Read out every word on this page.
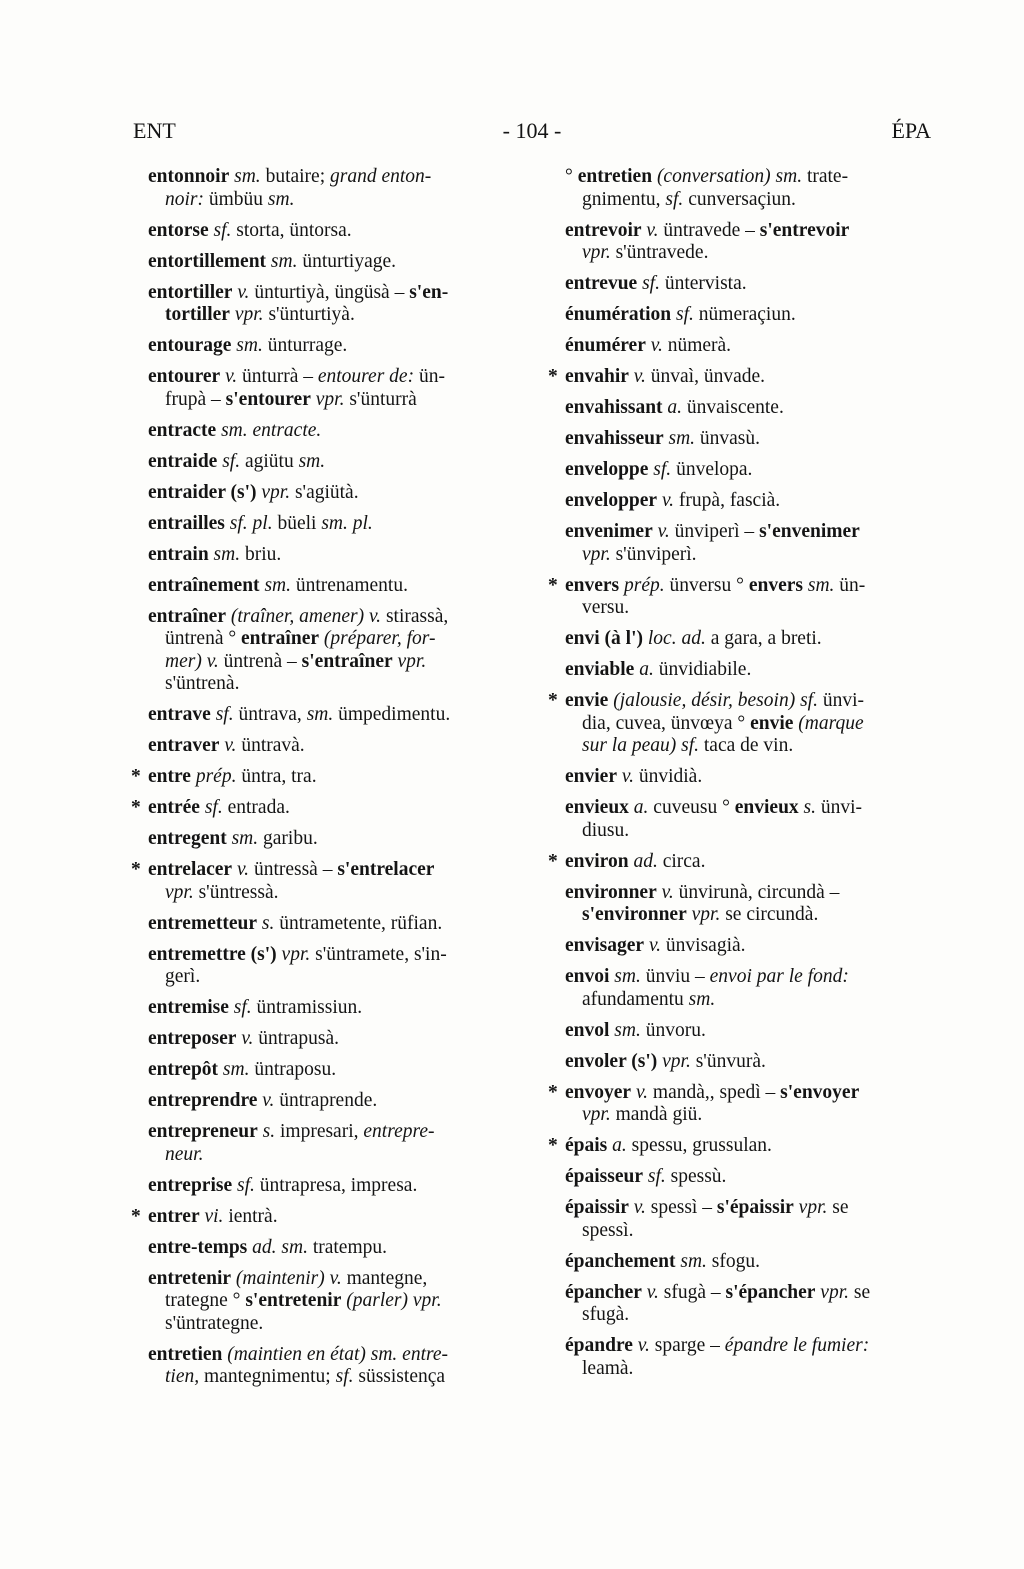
ENT	- 104 -	ÉPA
entonnoir sm. butaire; grand enton-
noir: ümbüu sm.
entorse sf. storta, üntorsa.
entortillement sm. ünturtiyage.
entortiller v. ünturtiyà, üngüsà – s'en-
tortiller vpr. s'ünturtiyà.
entourage sm. ünturrage.
entourer v. ünturrà – entourer de: ün-
frupà – s'entourer vpr. s'ünturrà
entracte sm. entracte.
entraide sf. agiütu sm.
entraider (s') vpr. s'agiütà.
entrailles sf. pl. büeli sm. pl.
entrain sm. briu.
entraînement sm. üntrenamentu.
entraîner (traîner, amener) v. stirassà,
üntrenà ° entraîner (préparer, for-
mer) v. üntrenà – s'entraîner vpr.
s'üntrenà.
entrave sf. üntrava, sm. ümpedimentu.
entraver v. üntravà.
* entre prép. üntra, tra.
* entrée sf. entrada.
entregent sm. garibu.
* entrelacer v. üntressà – s'entrelacer
vpr. s'üntressà.
entremetteur s. üntrametente, rüfian.
entremettre (s') vpr. s'üntramete, s'in-
gerì.
entremise sf. üntramissiun.
entreposer v. üntrapusà.
entrepôt sm. üntraposu.
entreprendre v. üntraprende.
entrepreneur s. impresari, entrepre-
neur.
entreprise sf. üntrapresa, impresa.
* entrer vi. ientrà.
entre-temps ad. sm. tratempu.
entretenir (maintenir) v. mantegne,
trategne ° s'entretenir (parler) vpr.
s'üntrategne.
entretien (maintien en état) sm. entre-
tien, mantegnimentu; sf. süssistença
° entretien (conversation) sm. trate-
gnimentu, sf. cunversaçiun.
entrevoir v. üntravede – s'entrevoir
vpr. s'üntravede.
entrevue sf. üntervista.
énumération sf. nümeraçiun.
énumérer v. nümerà.
* envahir v. ünvaì, ünvade.
envahissant a. ünvaiscente.
envahisseur sm. ünvasù.
enveloppe sf. ünvelopa.
envelopper v. frupà, fascià.
envenimer v. ünviperì – s'envenimer
vpr. s'ünviperì.
* envers prép. ünversu ° envers sm. ün-
versu.
envi (à l') loc. ad. a gara, a breti.
enviable a. ünvidiabile.
* envie (jalousie, désir, besoin) sf. ünvi-
dia, cuvea, ünvœya ° envie (marque
sur la peau) sf. taca de vin.
envier v. ünvidià.
envieux a. cuveusu ° envieux s. ünvi-
diusu.
* environ ad. circa.
environner v. ünvirunà, circundà –
s'environner vpr. se circundà.
envisager v. ünvisagià.
envoi sm. ünviu – envoi par le fond:
afundamentu sm.
envol sm. ünvoru.
envoler (s') vpr. s'ünvurà.
* envoyer v. mandà,, spedì – s'envoyer
vpr. mandà giü.
* épais a. spessu, grussulan.
épaisseur sf. spessù.
épaissir v. spessì – s'épaissir vpr. se
spessì.
épanchement sm. sfogu.
épancher v. sfugà – s'épancher vpr. se
sfugà.
épandre v. sparge – épandre le fumier:
leamà.
